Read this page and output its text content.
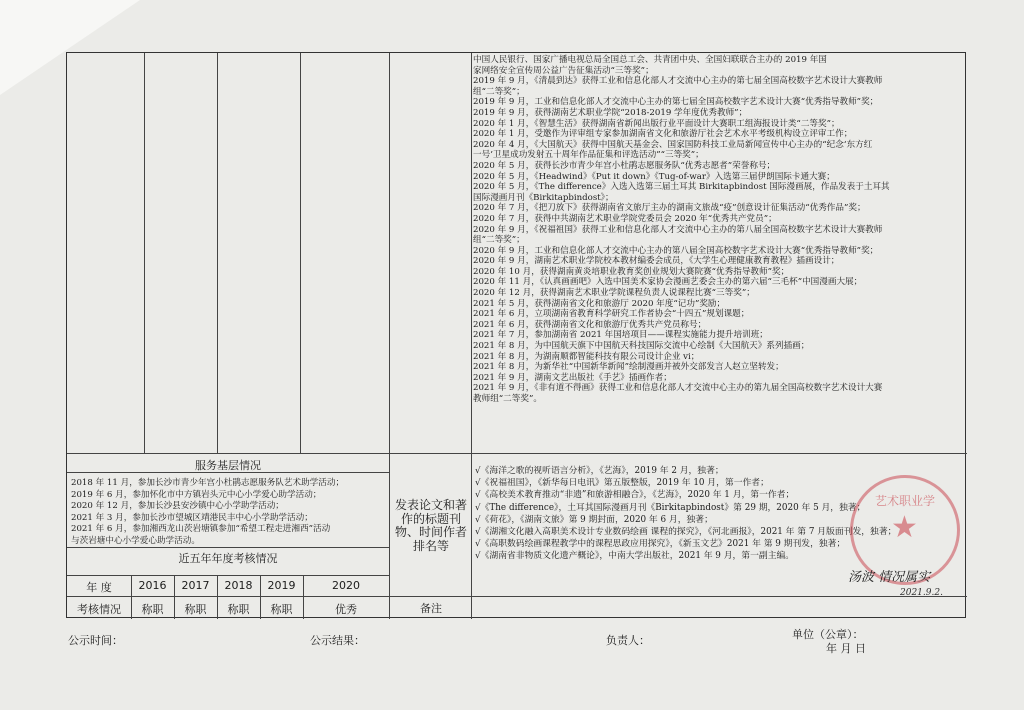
中国人民银行、国家广播电视总局全国总工会、共青团中央、全国妇联联合主办的 2019 年国
家网络安全宣传周公益广告征集活动“三等奖”；
2019 年 9 月，《清晨到达》获得工业和信息化部人才交流中心主办的第七届全国高校数字艺术设计大赛教师
组“二等奖”；
2019 年 9 月，工业和信息化部人才交流中心主办的第七届全国高校数字艺术设计大赛“优秀指导教师”奖；
2019 年 9 月，获得湖南艺术职业学院“2018-2019 学年度优秀教师”；
2020 年 1 月，《智慧生活》获得湖南省新闻出版行业平面设计大赛职工组海报设计类“二等奖”；
2020 年 1 月，受邀作为评审组专家参加湖南省文化和旅游厅社会艺术水平考级机构设立评审工作；
2020 年 4 月，《大国航天》获得中国航天基金会、国家国防科技工业局新闻宣传中心主办的“纪念‘东方红
一号’卫星成功发射五十周年作品征集和评选活动”“三等奖”；
2020 年 5 月，获得长沙市青少年宫小杜鹃志愿服务队“优秀志愿者”荣誉称号；
2020 年 5 月，《Headwind》《Put it down》《Tug-of-war》入选第三届伊朗国际卡通大赛；
2020 年 5 月，《The difference》入选入选第三届土耳其 Birkitapbindost 国际漫画展，作品发表于土耳其
国际漫画月刊《Birkitapbindost》；
2020 年 7 月，《把刀放下》获得湖南省文旅厅主办的湖南文旅战“疫”创意设计征集活动“优秀作品”奖；
2020 年 7 月，获得中共湖南艺术职业学院党委员会 2020 年“优秀共产党员”；
2020 年 9 月，《祝福祖国》获得工业和信息化部人才交流中心主办的第八届全国高校数字艺术设计大赛教师
组“二等奖”；
2020 年 9 月，工业和信息化部人才交流中心主办的第八届全国高校数字艺术设计大赛“优秀指导教师”奖；
2020 年 9 月，湖南艺术职业学院校本教材编委会成员，《大学生心理健康教育教程》插画设计；
2020 年 10 月，获得湖南黄炎培职业教育奖创业规划大赛院赛“优秀指导教师”奖；
2020 年 11 月，《认真画画吧》入选中国美术家协会漫画艺委会主办的第六届“三毛杯”中国漫画大展；
2020 年 12 月，获得湖南艺术职业学院课程负责人说课程比赛“三等奖”；
2021 年 5 月，获得湖南省文化和旅游厅 2020 年度“记功”奖励；
2021 年 6 月，立项湖南省教育科学研究工作者协会“十四五”规划课题；
2021 年 6 月，获得湖南省文化和旅游厅优秀共产党员称号；
2021 年 7 月，参加湖南省 2021 年国培项目——课程实施能力提升培训班；
2021 年 8 月，为中国航天旗下中国航天科技国际交流中心绘制《大国航天》系列插画；
2021 年 8 月，为湖南顺都智能科技有限公司设计企业 vi；
2021 年 8 月，为新华社“中国新华新闻”绘制漫画并被外交部发言人赵立坚转发；
2021 年 9 月，湖南文艺出版社《手艺》插画作者；
2021 年 9 月，《非有道不得画》获得工业和信息化部人才交流中心主办的第九届全国高校数字艺术设计大赛
教师组“二等奖”。
服务基层情况
2018 年 11 月，参加长沙市青少年宫小杜鹃志愿服务队艺术助学活动；
2019 年 6 月，参加怀化市中方镇岩头元中心小学爱心助学活动；
2020 年 12 月，参加长沙县安沙镇中心小学助学活动；
2021 年 3 月，参加长沙市望城区靖港民丰中心小学助学活动；
2021 年 6 月，参加湘西龙山茨岩塘镇参加“希望工程走进湘西”活动
与茨岩塘中心小学爱心助学活动。
近五年年度考核情况
年 度	2016	2017	2018	2019	2020
考核情况	称职	称职	称职	称职	优秀
发表论文和著作的标题刊物、时间作者排名等
√《海洋之歌的视听语言分析》，《艺海》，2019 年 2 月，独著；
√《祝福祖国》，《新华每日电讯》第五版整版，2019 年 10 月，第一作者；
√《高校美术教育推动“非遗”和旅游相融合》，《艺海》，2020 年 1 月，第一作者；
√《The difference》，土耳其国际漫画月刊《Birkitapbindost》第 29 期，2020 年 5 月，独著；
√《荷花》，《湖南文旅》第 9 期封面，2020 年 6 月，独著；
√《湖湘文化融入高职美术设计专业数码绘画 课程的探究》，《河北画报》，2021 年 第 7 月版面刊发，独著；
√《高职数码绘画课程教学中的课程思政应用探究》，《新玉文艺》2021 年 第 9 期刊发，独著；
√《湖南省非物质文化遗产概论》，中南大学出版社，2021 年 9 月，第一副主编。
备注
艺术职业学
★
汤波 情况属实
2021.9.2.
公示时间：	公示结果：	负责人：	单位（公章）：
年 月 日
